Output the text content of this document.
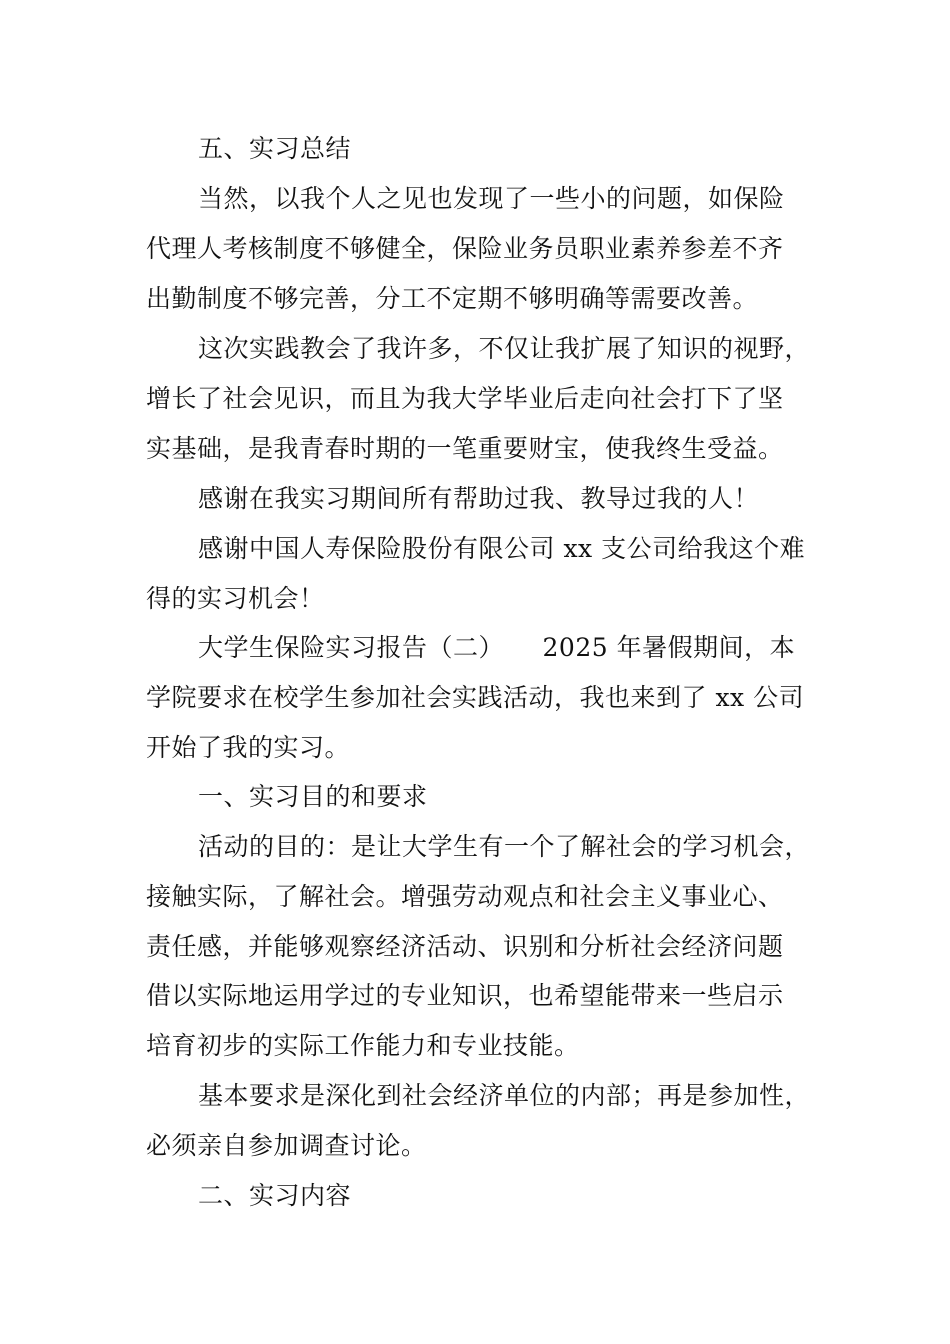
五、实习总结
当然，以我个人之见也发现了一些小的问题，如保险
代理人考核制度不够健全，保险业务员职业素养参差不齐
出勤制度不够完善，分工不定期不够明确等需要改善。
这次实践教会了我许多，不仅让我扩展了知识的视野，
增长了社会见识，而且为我大学毕业后走向社会打下了坚
实基础，是我青春时期的一笔重要财宝，使我终生受益。
感谢在我实习期间所有帮助过我、教导过我的人！
感谢中国人寿保险股份有限公司 xx 支公司给我这个难
得的实习机会！
大学生保险实习报告（二）　　2025 年暑假期间，本
学院要求在校学生参加社会实践活动，我也来到了 xx 公司
开始了我的实习。
一、实习目的和要求
活动的目的：是让大学生有一个了解社会的学习机会，
接触实际，了解社会。增强劳动观点和社会主义事业心、
责任感，并能够观察经济活动、识别和分析社会经济问题
借以实际地运用学过的专业知识，也希望能带来一些启示
培育初步的实际工作能力和专业技能。
基本要求是深化到社会经济单位的内部；再是参加性，
必须亲自参加调查讨论。
二、实习内容
